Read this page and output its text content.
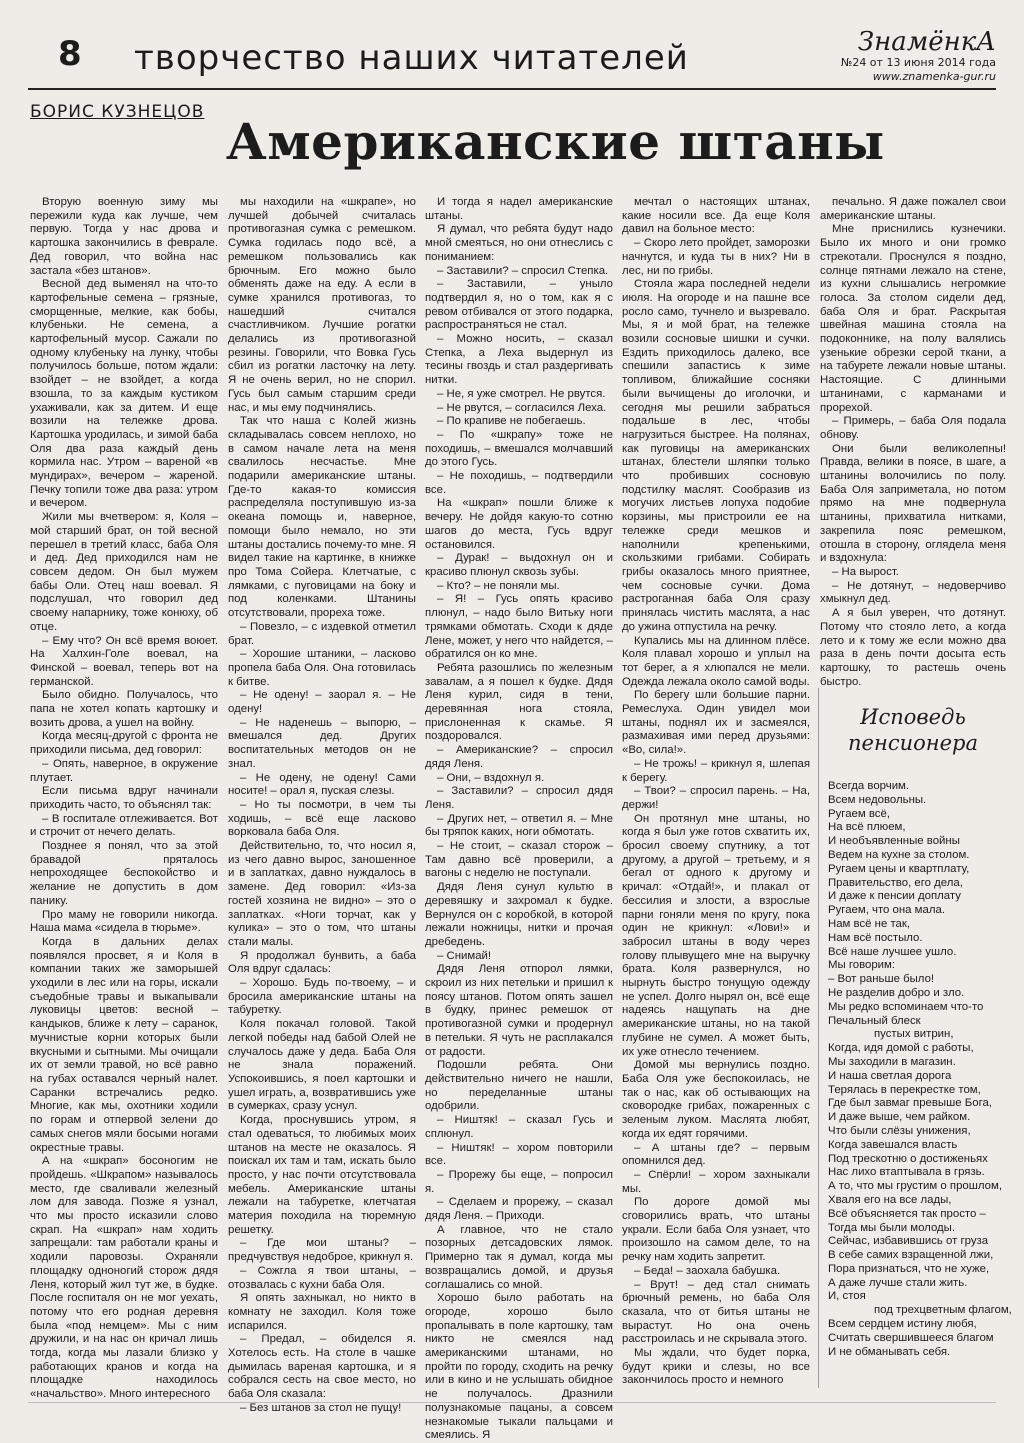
8 творчество наших читателей	ЗнамёнкА
№24 от 13 июня 2014 года
www.znamenka-gur.ru
БОРИС КУЗНЕЦОВ Американские штаны

Вторую военную зиму мы пережили куда как лучше, чем первую. Тогда у нас дрова и картошка закончились в феврале. Дед говорил, что война нас застала «без штанов».

Весной дед выменял на что-то картофельные семена – грязные, сморщенные, мелкие, как бобы, клубеньки. Не семена, а картофельный мусор. Сажали по одному клубеньку на лунку, чтобы получилось больше, потом ждали: взойдет – не взойдет, а когда взошла, то за каждым кустиком ухаживали, как за дитем. И еще возили на тележке дрова. Картошка уродилась, и зимой баба Оля два раза каждый день кормила нас. Утром – вареной «в мундирах», вечером – жареной. Печку топили тоже два раза: утром и вечером.

Жили мы вчетвером: я, Коля – мой старший брат, он той весной перешел в третий класс, баба Оля и дед. Дед приходился нам не совсем дедом. Он был мужем бабы Оли. Отец наш воевал. Я подслушал, что говорил дед своему напарнику, тоже конюху, об отце.

– Ему что? Он всё время воюет. На Халхин-Голе воевал, на Финской – воевал, теперь вот на германской.

Было обидно. Получалось, что папа не хотел копать картошку и возить дрова, а ушел на войну.

Когда месяц-другой с фронта не приходили письма, дед говорил:

– Опять, наверное, в окружение плутает.

Если письма вдруг начинали приходить часто, то объяснял так:

– В госпитале отлеживается. Вот и строчит от нечего делать.

Позднее я понял, что за этой бравадой пряталось непроходящее беспокойство и желание не допустить в дом панику.

Про маму не говорили никогда. Наша мама «сидела в тюрьме».

Когда в дальних делах появлялся просвет, я и Коля в компании таких же заморышей уходили в лес или на горы, искали съедобные травы и выкапывали луковицы цветов: весной – кандыков, ближе к лету – саранок, мучнистые корни которых были вкусными и сытными. Мы очищали их от земли травой, но всё равно на губах оставался черный налет. Саранки встречались редко. Многие, как мы, охотники ходили по горам и отпервой зелени до самых снегов мяли босыми ногами окрестные травы.

А на «шкрап» босоногим не пройдешь. «Шкрапом» называлось место, где сваливали железный лом для завода. Позже я узнал, что мы просто исказили слово скрап. На «шкрап» нам ходить запрещали: там работали краны и ходили паровозы. Охраняли площадку одноногий сторож дядя Леня, который жил тут же, в будке. После госпиталя он не мог уехать, потому что его родная деревня была «под немцем». Мы с ним дружили, и на нас он кричал лишь тогда, когда мы лазали близко у работающих кранов и когда на площадке находилось «начальство». Много интересного

мы находили на «шкрапе», но лучшей добычей считалась противогазная сумка с ремешком. Сумка годилась подо всё, а ремешком пользовались как брючным. Его можно было обменять даже на еду. А если в сумке хранился противогаз, то нашедший считался счастливчиком. Лучшие рогатки делались из противогазной резины. Говорили, что Вовка Гусь сбил из рогатки ласточку на лету. Я не очень верил, но не спорил. Гусь был самым старшим среди нас, и мы ему подчинялись.

Так что наша с Колей жизнь складывалась совсем неплохо, но в самом начале лета на меня свалилось несчастье. Мне подарили американские штаны. Где-то какая-то комиссия распределяла поступившую из-за океана помощь и, наверное, помощи было немало, но эти штаны достались почему-то мне. Я видел такие на картинке, в книжке про Тома Сойера. Клетчатые, с лямками, с пуговицами на боку и под коленками. Штанины отсутствовали, прореха тоже.

– Повезло, – с издевкой отметил брат.

– Хорошие штаники, – ласково пропела баба Оля. Она готовилась к битве.

– Не одену! – заорал я. – Не одену!

– Не наденешь – выпорю, – вмешался дед. Других воспитательных методов он не знал.

– Не одену, не одену! Сами носите! – орал я, пуская слезы.

– Но ты посмотри, в чем ты ходишь, – всё еще ласково ворковала баба Оля.

Действительно, то, что носил я, из чего давно вырос, заношенное и в заплатках, давно нуждалось в замене. Дед говорил: «Из-за гостей хозяина не видно» – это о заплатках. «Ноги торчат, как у кулика» – это о том, что штаны стали малы.

Я продолжал бунвить, а баба Оля вдруг сдалась:

– Хорошо. Будь по-твоему, – и бросила американские штаны на табуретку.

Коля покачал головой. Такой легкой победы над бабой Олей не случалось даже у деда. Баба Оля не знала поражений. Успокоившись, я поел картошки и ушел играть, а, возвратившись уже в сумерках, сразу уснул.

Когда, проснувшись утром, я стал одеваться, то любимых моих штанов на месте не оказалось. Я поискал их там и там, искать было просто, у нас почти отсутствовала мебель. Американские штаны лежали на табуретке, клетчатая материя походила на тюремную решетку.

– Где мои штаны? – предчувствуя недоброе, крикнул я.

– Сожгла я твои штаны, – отозвалась с кухни баба Оля.

Я опять захныкал, но никто в комнату не заходил. Коля тоже испарился.

– Предал, – обиделся я. Хотелось есть. На столе в чашке дымилась вареная картошка, и я собрался сесть на свое место, но баба Оля сказала:

– Без штанов за стол не пущу!

И тогда я надел американские штаны.

Я думал, что ребята будут надо мной смеяться, но они отнеслись с пониманием:

– Заставили? – спросил Степка.

– Заставили, – уныло подтвердил я, но о том, как я с ревом отбивался от этого подарка, распространяться не стал.

– Можно носить, – сказал Степка, а Леха выдернул из тесины гвоздь и стал раздергивать нитки.

– Не, я уже смотрел. Не рвутся.

– Не рвутся, – согласился Леха.

– По крапиве не побегаешь.

– По «шкрапу» тоже не походишь, – вмешался молчавший до этого Гусь.

– Не походишь, – подтвердили все.

На «шкрап» пошли ближе к вечеру. Не дойдя какую-то сотню шагов до места, Гусь вдруг остановился.

– Дурак! – выдохнул он и красиво плюнул сквозь зубы.

– Кто? – не поняли мы.

– Я! – Гусь опять красиво плюнул, – надо было Витьку ноги трямками обмотать. Сходи к дяде Лене, может, у него что найдется, – обратился он ко мне.

Ребята разошлись по железным завалам, а я пошел к будке. Дядя Леня курил, сидя в тени, деревянная нога стояла, прислоненная к скамье. Я поздоровался.

– Американские? – спросил дядя Леня.

– Они, – вздохнул я.

– Заставили? – спросил дядя Леня.

– Других нет, – ответил я. – Мне бы тряпок каких, ноги обмотать.

– Не стоит, – сказал сторож – Там давно всё проверили, а вагоны с неделю не поступали.

Дядя Леня сунул культю в деревяшку и захромал к будке. Вернулся он с коробкой, в которой лежали ножницы, нитки и прочая дребедень.

– Снимай!

Дядя Леня отпорол лямки, скроил из них петельки и пришил к поясу штанов. Потом опять зашел в будку, принес ремешок от противогазной сумки и продернул в петельки. Я чуть не расплакался от радости.

Подошли ребята. Они действительно ничего не нашли, но переделанные штаны одобрили.

– Ништяк! – сказал Гусь и сплюнул.

– Ништяк! – хором повторили все.

– Прорежу бы еще, – попросил я.

– Сделаем и прорежу, – сказал дядя Леня. – Приходи.

А главное, что не стало позорных детсадовских лямок. Примерно так я думал, когда мы возвращались домой, и друзья соглашались со мной.

Хорошо было работать на огороде, хорошо было пропалывать в поле картошку, там никто не смеялся над американскими штанами, но пройти по городу, сходить на речку или в кино и не услышать обидное не получалось. Дразнили полузнакомые пацаны, а совсем незнакомые тыкали пальцами и смеялись. Я

мечтал о настоящих штанах, какие носили все. Да еще Коля давил на больное место:

– Скоро лето пройдет, заморозки начнутся, и куда ты в них? Ни в лес, ни по грибы.

Стояла жара последней недели июля. На огороде и на пашне все росло само, тучнело и вызревало. Мы, я и мой брат, на тележке возили сосновые шишки и сучки. Ездить приходилось далеко, все спешили запастись к зиме топливом, ближайшие сосняки были вычищены до иголочки, и сегодня мы решили забраться подальше в лес, чтобы нагрузиться быстрее. На полянах, как пуговицы на американских штанах, блестели шляпки только что пробивших сосновую подстилку маслят. Сообразив из могучих листьев лопуха подобие корзины, мы пристроили ее на тележке среди мешков и наполнили крепенькими, скользкими грибами. Собирать грибы оказалось много приятнее, чем сосновые сучки. Дома растроганная баба Оля сразу принялась чистить маслята, а нас до ужина отпустила на речку.

Купались мы на длинном плёсе. Коля плавал хорошо и уплыл на тот берег, а я хлюпался не мели. Одежда лежала около самой воды.

По берегу шли большие парни. Ремеслуха. Один увидел мои штаны, поднял их и засмеялся, размахивая ими перед друзьями: «Во, сила!».

– Не трожь! – крикнул я, шлепая к берегу.

– Твои? – спросил парень. – На, держи!

Он протянул мне штаны, но когда я был уже готов схватить их, бросил своему спутнику, а тот другому, а другой – третьему, и я бегал от одного к другому и кричал: «Отдай!», и плакал от бессилия и злости, а взрослые парни гоняли меня по кругу, пока один не крикнул: «Лови!» и забросил штаны в воду через голову плывущего мне на выручку брата. Коля развернулся, но нырнуть быстро тонущую одежду не успел. Долго нырял он, всё еще надеясь нащупать на дне американские штаны, но на такой глубине не сумел. А может быть, их уже отнесло течением.

Домой мы вернулись поздно. Баба Оля уже беспокоилась, не так о нас, как об остывающих на сковородке грибах, пожаренных с зеленым луком. Маслята любят, когда их едят горячими.

– А штаны где? – первым опомнился дед.

– Спёрли! – хором захныкали мы.

По дороге домой мы сговорились врать, что штаны украли. Если баба Оля узнает, что произошло на самом деле, то на речку нам ходить запретит.

– Беда! – заохала бабушка.

– Врут! – дед стал снимать брючный ремень, но баба Оля сказала, что от битья штаны не вырастут. Но она очень расстроилась и не скрывала этого.

Мы ждали, что будет порка, будут крики и слезы, но все закончилось просто и немного

печально. Я даже пожалел свои американские штаны.

Мне приснились кузнечики. Было их много и они громко стрекотали. Проснулся я поздно, солнце пятнами лежало на стене, из кухни слышались негромкие голоса. За столом сидели дед, баба Оля и брат. Раскрытая швейная машина стояла на подоконнике, на полу валялись узенькие обрезки серой ткани, а на табурете лежали новые штаны. Настоящие. С длинными штанинами, с карманами и прорехой.

– Примерь, – баба Оля подала обнову.

Они были великолепны! Правда, велики в поясе, в шаге, а штанины волочились по полу. Баба Оля заприметала, но потом прямо на мне подвернула штанины, прихватила нитками, закрепила пояс ремешком, отошла в сторону, оглядела меня и вздохнула:

– На вырост.

– Не дотянут, – недоверчиво хмыкнул дед.

А я был уверен, что дотянут. Потому что стояло лето, а когда лето и к тому же если можно два раза в день почти досыта есть картошку, то растешь очень быстро.

Исповедь
пенсионера
Всегда ворчим.
Всем недовольны.
Ругаем всё,
На всё плюем,
И необъявленные войны
Ведем на кухне за столом.
Ругаем цены и квартплату,
Правительство, его дела,
И даже к пенсии доплату
Ругаем, что она мала.
Нам всё не так,
Нам всё постыло.
Всё наше лучшее ушло.
Мы говорим:
– Вот раньше было!
Не разделив добро и зло.
Мы редко вспоминаем что-то
Печальный блеск
пустых витрин,
Когда, идя домой с работы,
Мы заходили в магазин.
И наша светлая дорога
Терялась в перекрестке том,
Где был завмаг превыше Бога,
И даже выше, чем райком.
Что были слёзы унижения,
Когда завешался власть
Под трескотню о достиженьях
Нас лихо втаптывала в грязь.
А то, что мы грустим о прошлом,
Хваля его на все лады,
Всё объясняется так просто –
Тогда мы были молоды.
Сейчас, избавившись от груза
В себе самих взращенной лжи,
Пора признаться, что не хуже,
А даже лучше стали жить.
И, стоя
под трехцветным флагом,
Всем сердцем истину любя,
Считать свершившееся благом
И не обманывать себя.
